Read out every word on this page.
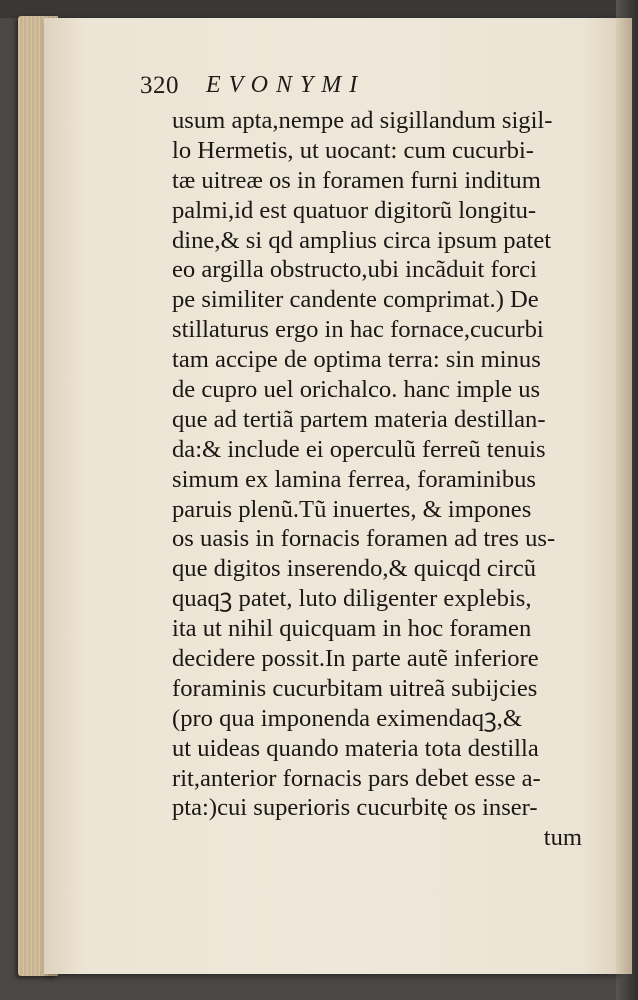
320 EVONYMI
usum apta,nempe ad sigillandum sigil-
lo Hermetis, ut uocant: cum cucurbi-
tæ uitreæ os in foramen furni inditum
palmi,id est quatuor digitorũ longitu-
dine,& si qd amplius circa ipsum patet
eo argilla obstructo,ubi incãduit forci
pe similiter candente comprimat.) De
stillaturus ergo in hac fornace,cucurbi
tam accipe de optima terra: sin minus
de cupro uel orichalco. hanc imple us
que ad tertiã partem materia destillan-
da:& include ei operculũ ferreũ tenuis
simum ex lamina ferrea, foraminibus
paruis plenũ.Tũ inuertes, & impones
os uasis in fornacis foramen ad tres us-
que digitos inserendo,& quicqd circũ
quaqꝫ patet, luto diligenter explebis,
ita ut nihil quicquam in hoc foramen
decidere possit.In parte autẽ inferiore
foraminis cucurbitam uitreã subijcies
(pro qua imponenda eximendaqꝫ,&
ut uideas quando materia tota destilla
rit,anterior fornacis pars debet esse a-
pta:)cui superioris cucurbitę os inser-
tum
